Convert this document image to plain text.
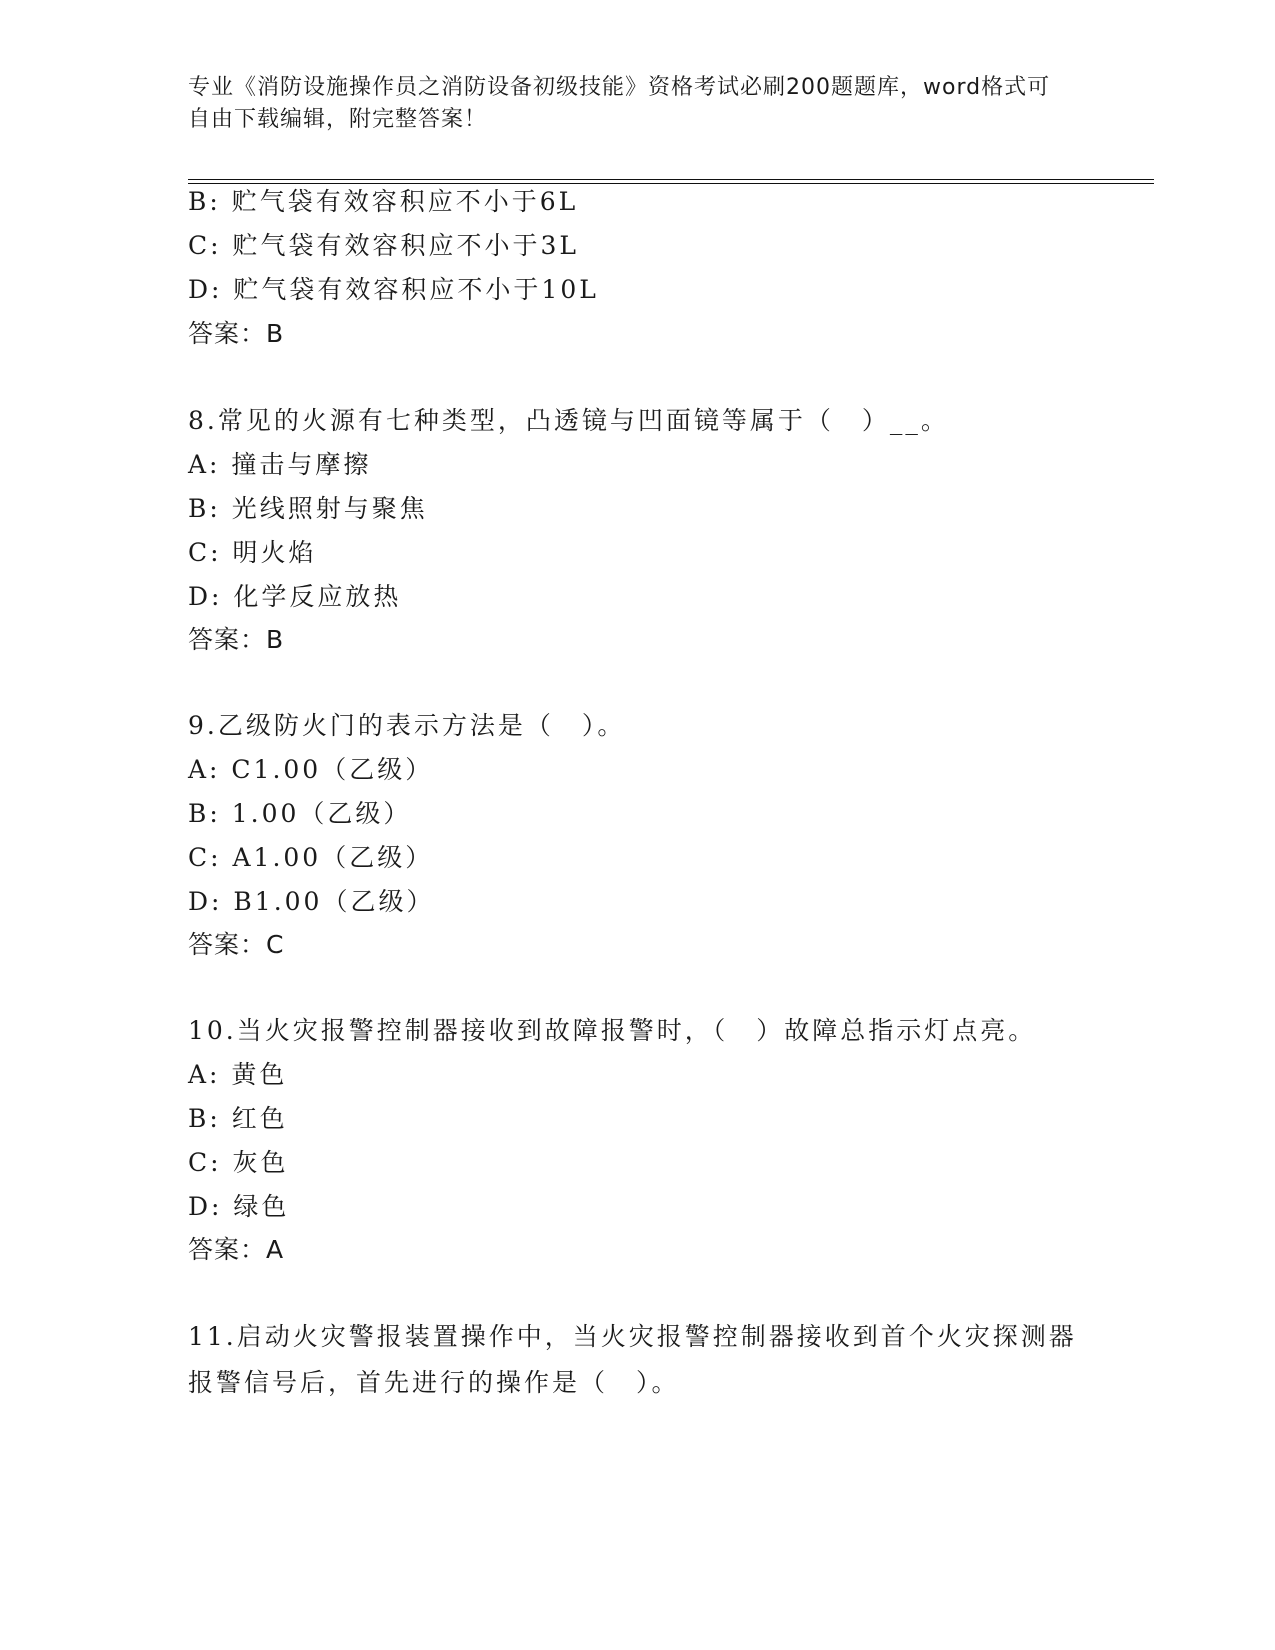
专业《消防设施操作员之消防设备初级技能》资格考试必刷200题题库，word格式可自由下载编辑，附完整答案！
B: 贮气袋有效容积应不小于6L
C: 贮气袋有效容积应不小于3L
D: 贮气袋有效容积应不小于10L
答案：B
8.常见的火源有七种类型，凸透镜与凹面镜等属于（　）__。
A: 撞击与摩擦
B: 光线照射与聚焦
C: 明火焰
D: 化学反应放热
答案：B
9.乙级防火门的表示方法是（　）。
A: C1.00（乙级）
B: 1.00（乙级）
C: A1.00（乙级）
D: B1.00（乙级）
答案：C
10.当火灾报警控制器接收到故障报警时，（　）故障总指示灯点亮。
A: 黄色
B: 红色
C: 灰色
D: 绿色
答案：A
11.启动火灾警报装置操作中，当火灾报警控制器接收到首个火灾探测器报警信号后，首先进行的操作是（　）。
